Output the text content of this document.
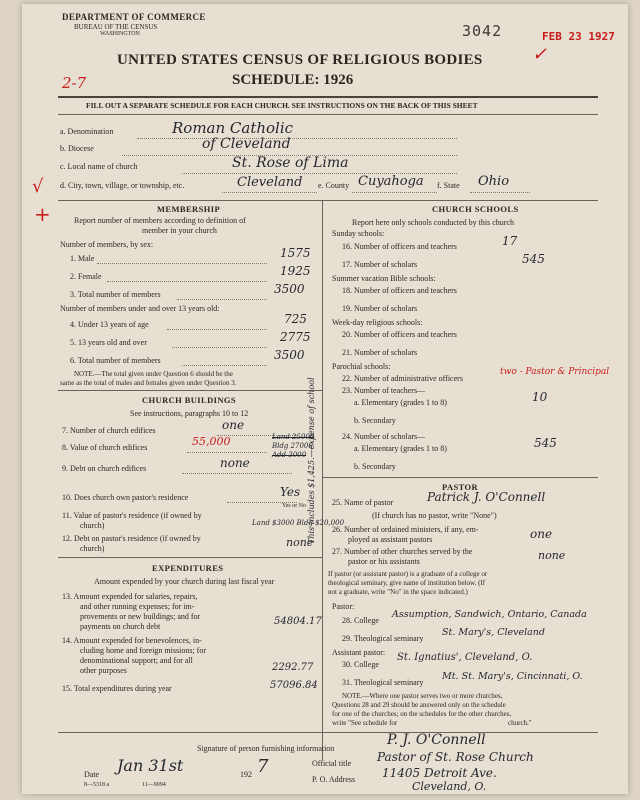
DEPARTMENT OF COMMERCE
BUREAU OF THE CENSUS
WASHINGTON	3042	FEB 23 1927
✓
UNITED STATES CENSUS OF RELIGIOUS BODIES
SCHEDULE: 1926
2-7
FILL OUT A SEPARATE SCHEDULE FOR EACH CHURCH. SEE INSTRUCTIONS ON THE BACK OF THIS SHEET
a. Denomination	Roman Catholic
b. Diocese	of Cleveland
c. Local name of church	St. Rose of Lima
√
+
d. City, town, village, or township, etc.	Cleveland e. County Cuyahoga f. State Ohio
MEMBERSHIP
Report number of members according to definition of
member in your church
Number of members, by sex:
1. Male	1575
2. Female	1925
3. Total number of members	3500
Number of members under and over 13 years old:
4. Under 13 years of age	725
5. 13 years old and over	2775
6. Total number of members	3500
NOTE.—The total given under Question 6 should be the
same as the total of males and females given under Question 3.
CHURCH BUILDINGS
See instructions, paragraphs 10 to 12
7. Number of church edifices	one
8. Value of church edifices	55,000	Land 25000
Bldg 27000
Add 3000
9. Debt on church edifices	none
10. Does church own pastor's residence	Yes
Yes or No
11. Value of pastor's residence (if owned by
church)	Land $3000 Bldg $20,000
12. Debt on pastor's residence (if owned by
church)	none
EXPENDITURES
Amount expended by your church during last fiscal year
13. Amount expended for salaries, repairs,
and other running expenses; for im-
provements or new buildings; and for
payments on church debt	54804.17
14. Amount expended for benevolences, in-
cluding home and foreign missions; for
denominational support; and for all
other purposes	2292.77
15. Total expenditures during year	57096.84
This includes $1,425.—expense of school
CHURCH SCHOOLS
Report here only schools conducted by this church
Sunday schools:
16. Number of officers and teachers	17
17. Number of scholars	545
Summer vacation Bible schools:
18. Number of officers and teachers
19. Number of scholars
Week-day religious schools:
20. Number of officers and teachers
21. Number of scholars
Parochial schools:
22. Number of administrative officers
two - Pastor & Principal
23. Number of teachers—
a. Elementary (grades 1 to 8)	10
b. Secondary
24. Number of scholars—
a. Elementary (grades 1 to 8)	545
b. Secondary
PASTOR
25. Name of pastor	Patrick J. O'Connell
(If church has no pastor, write "None")
26. Number of ordained ministers, if any, em-
ployed as assistant pastors	one
27. Number of other churches served by the
pastor or his assistants	none
If pastor (or assistant pastor) is a graduate of a college or
theological seminary, give name of institution below. (If
not a graduate, write "No" in the space indicated.)
Pastor:
28. College
Assumption, Sandwich, Ontario, Canada
29. Theological seminary
St. Mary's, Cleveland
Assistant pastor:
30. College
St. Ignatius', Cleveland, O.
31. Theological seminary
Mt. St. Mary's, Cincinnati, O.
NOTE.—Where one pastor serves two or more churches,
Questions 28 and 29 should be answered only on the schedule
for one of the churches; on the schedules for the other churches,
write "See schedule for	church."
Signature of person furnishing information
P. J. O'Connell
Official title Pastor of St. Rose Church
P. O. Address 11405 Detroit Ave.
Cleveland, O.
Date Jan 31st	192 7
8—5318 a	11—9094
